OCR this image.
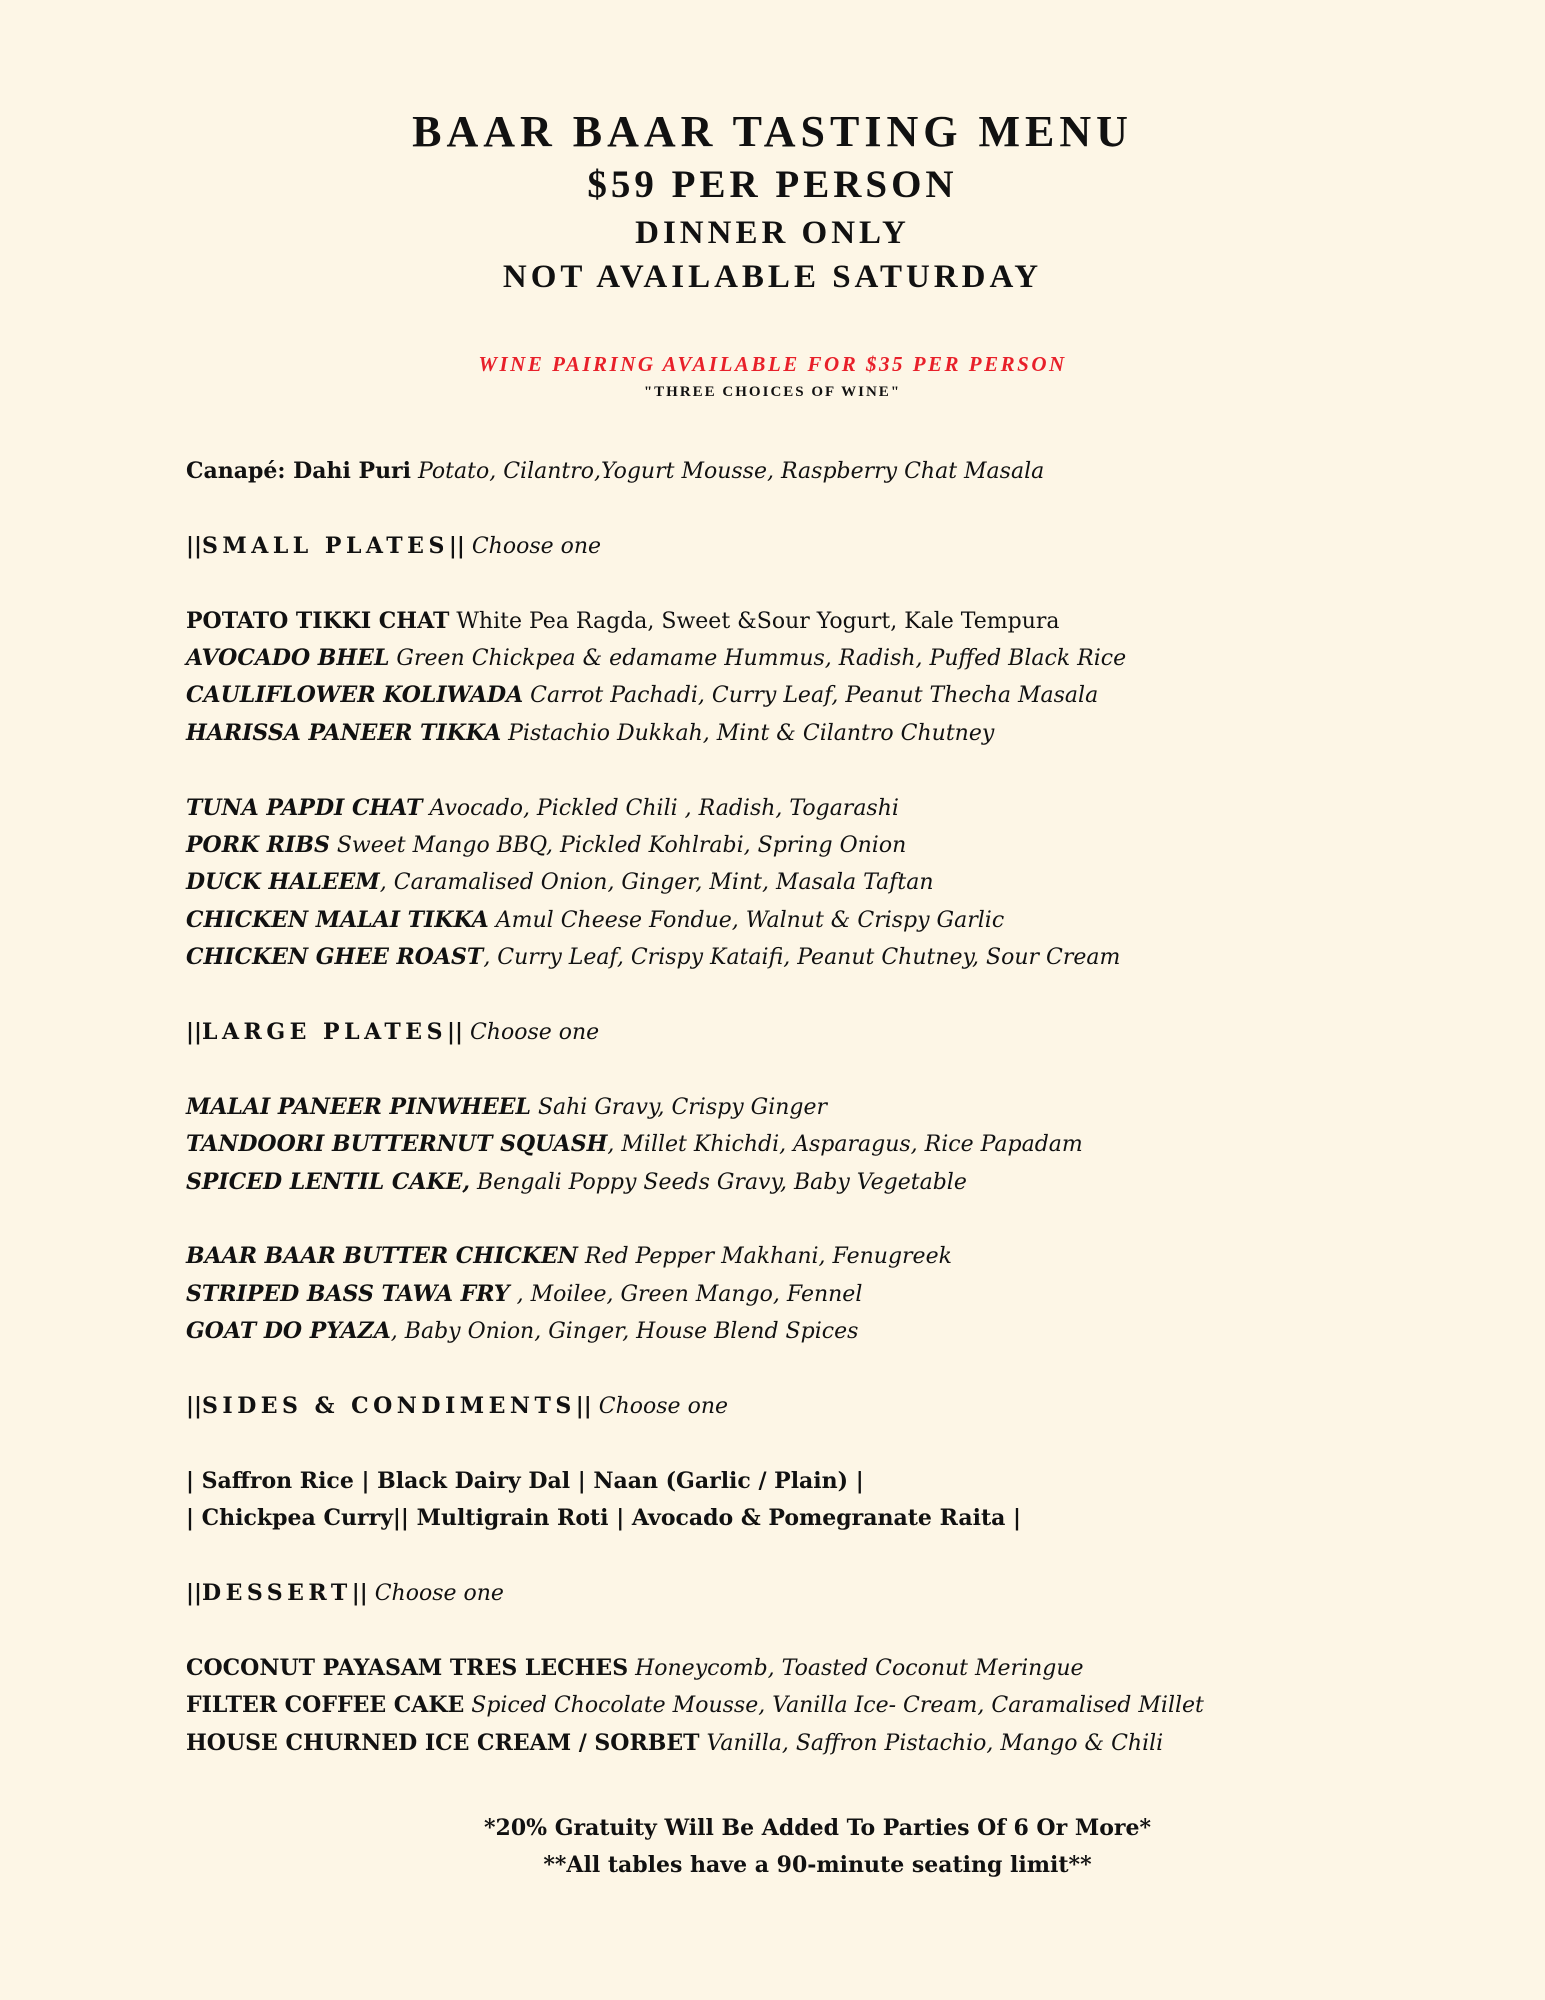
BAAR BAAR TASTING MENU
$59 PER PERSON
DINNER ONLY
NOT AVAILABLE SATURDAY
WINE PAIRING AVAILABLE FOR $35 PER PERSON
"THREE CHOICES OF WINE"
Canapé: Dahi Puri Potato, Cilantro,Yogurt Mousse, Raspberry Chat Masala
||SMALL PLATES|| Choose one
POTATO TIKKI CHAT White Pea Ragda, Sweet &Sour Yogurt, Kale Tempura
AVOCADO BHEL Green Chickpea & edamame Hummus, Radish, Puffed Black Rice
CAULIFLOWER KOLIWADA Carrot Pachadi, Curry Leaf, Peanut Thecha Masala
HARISSA PANEER TIKKA Pistachio Dukkah, Mint & Cilantro Chutney
TUNA PAPDI CHAT Avocado, Pickled Chili , Radish, Togarashi
PORK RIBS Sweet Mango BBQ, Pickled Kohlrabi, Spring Onion
DUCK HALEEM, Caramalised Onion, Ginger, Mint, Masala Taftan
CHICKEN MALAI TIKKA Amul Cheese Fondue, Walnut & Crispy Garlic
CHICKEN GHEE ROAST, Curry Leaf, Crispy Kataifi, Peanut Chutney, Sour Cream
||LARGE PLATES|| Choose one
MALAI PANEER PINWHEEL Sahi Gravy, Crispy Ginger
TANDOORI BUTTERNUT SQUASH, Millet Khichdi, Asparagus, Rice Papadam
SPICED LENTIL CAKE, Bengali Poppy Seeds Gravy, Baby Vegetable
BAAR BAAR BUTTER CHICKEN Red Pepper Makhani, Fenugreek
STRIPED BASS TAWA FRY , Moilee, Green Mango, Fennel
GOAT DO PYAZA, Baby Onion, Ginger, House Blend Spices
||SIDES & CONDIMENTS|| Choose one
| Saffron Rice | Black Dairy Dal | Naan (Garlic / Plain) |
| Chickpea Curry|| Multigrain Roti | Avocado & Pomegranate Raita |
||DESSERT|| Choose one
COCONUT PAYASAM TRES LECHES Honeycomb, Toasted Coconut Meringue
FILTER COFFEE CAKE Spiced Chocolate Mousse, Vanilla Ice- Cream, Caramalised Millet
HOUSE CHURNED ICE CREAM / SORBET Vanilla, Saffron Pistachio, Mango & Chili
*20% Gratuity Will Be Added To Parties Of 6 Or More*
**All tables have a 90-minute seating limit**
